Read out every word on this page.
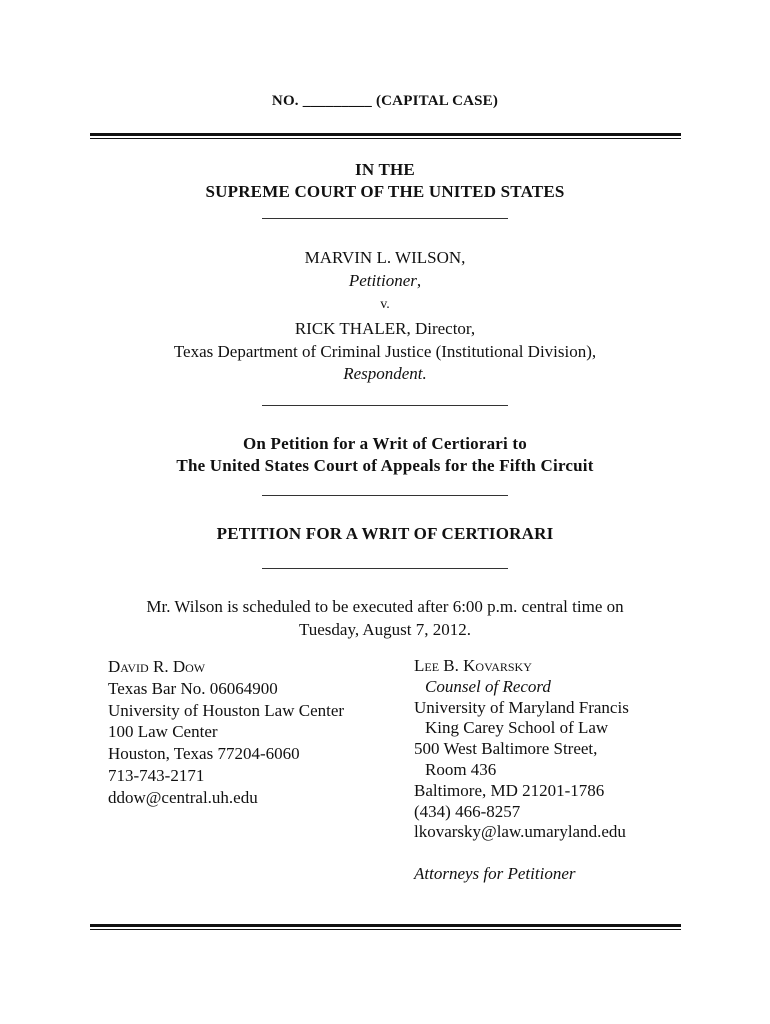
NO. _________ (CAPITAL CASE)
IN THE
SUPREME COURT OF THE UNITED STATES
MARVIN L. WILSON,
Petitioner,
v.
RICK THALER, Director,
Texas Department of Criminal Justice (Institutional Division),
Respondent.
On Petition for a Writ of Certiorari to
The United States Court of Appeals for the Fifth Circuit
PETITION FOR A WRIT OF CERTIORARI
Mr. Wilson is scheduled to be executed after 6:00 p.m. central time on
Tuesday, August 7, 2012.
David R. Dow
Texas Bar No. 06064900
University of Houston Law Center
100 Law Center
Houston, Texas 77204-6060
713-743-2171
ddow@central.uh.edu
Lee B. Kovarsky
Counsel of Record
University of Maryland Francis
King Carey School of Law
500 West Baltimore Street,
Room 436
Baltimore, MD 21201-1786
(434) 466-8257
lkovarsky@law.umaryland.edu
Attorneys for Petitioner
